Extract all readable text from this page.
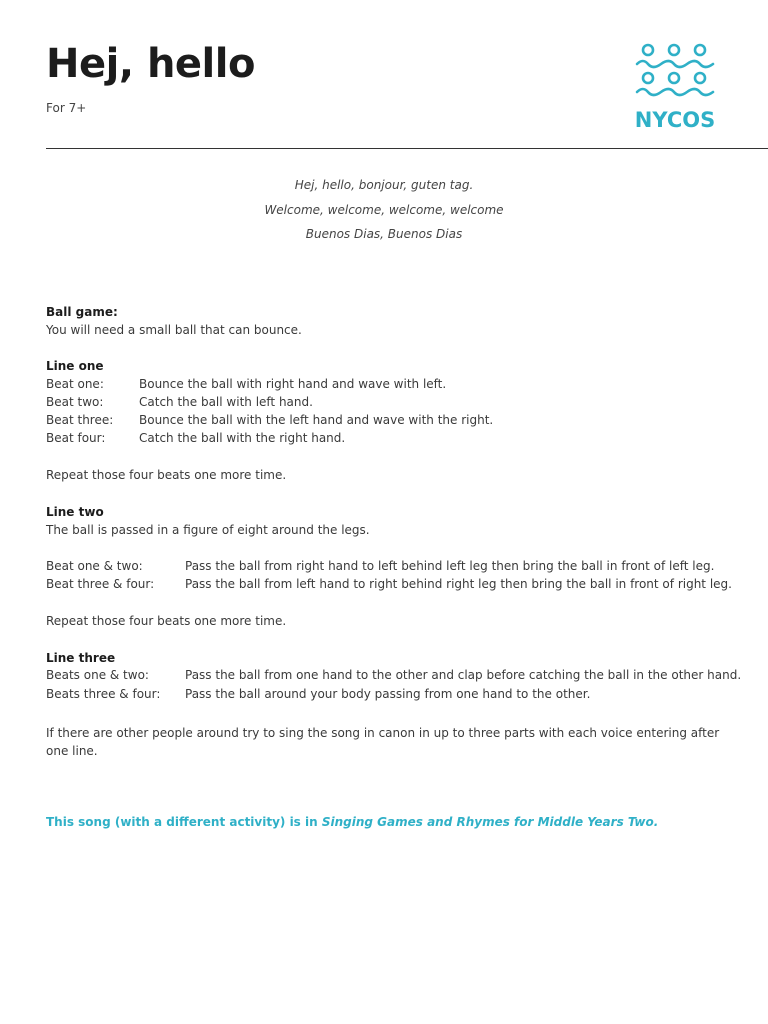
Hej, hello
For 7+	NYCOS
Hej, hello, bonjour, guten tag.
Welcome, welcome, welcome, welcome
Buenos Dias, Buenos Dias
Ball game:
You will need a small ball that can bounce.
Line one
Beat one:	Bounce the ball with right hand and wave with left.
Beat two:	Catch the ball with left hand.
Beat three: Bounce the ball with the left hand and wave with the right.
Beat four:	Catch the ball with the right hand.
Repeat those four beats one more time.
Line two
The ball is passed in a figure of eight around the legs.
Beat one & two:	Pass the ball from right hand to left behind left leg then bring the ball in front of left leg.
Beat three & four:	Pass the ball from left hand to right behind right leg then bring the ball in front of right leg.
Repeat those four beats one more time.
Line three
Beats one & two:	Pass the ball from one hand to the other and clap before catching the ball in the other hand.
Beats three & four: Pass the ball around your body passing from one hand to the other.
If there are other people around try to sing the song in canon in up to three parts with each voice entering after one line.
This song (with a different activity) is in Singing Games and Rhymes for Middle Years Two.
